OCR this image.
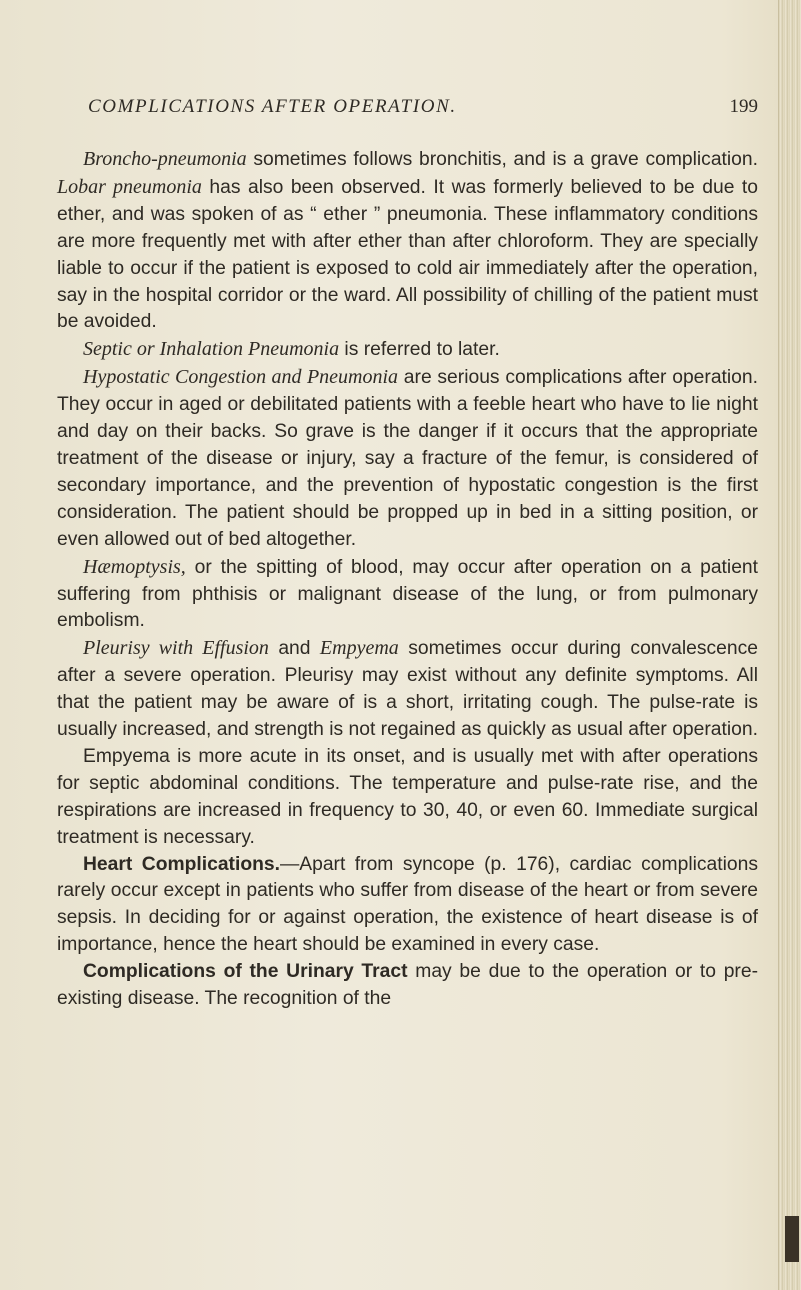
COMPLICATIONS AFTER OPERATION.	199

Broncho-pneumonia sometimes follows bronchitis, and is a grave complication. Lobar pneumonia has also been observed. It was formerly believed to be due to ether, and was spoken of as “ ether ” pneumonia. These inflammatory conditions are more frequently met with after ether than after chloroform. They are specially liable to occur if the patient is exposed to cold air immediately after the operation, say in the hospital corridor or the ward. All possibility of chilling of the patient must be avoided.

Septic or Inhalation Pneumonia is referred to later.

Hypostatic Congestion and Pneumonia are serious complications after operation. They occur in aged or debilitated patients with a feeble heart who have to lie night and day on their backs. So grave is the danger if it occurs that the appropriate treatment of the disease or injury, say a fracture of the femur, is considered of secondary importance, and the prevention of hypostatic congestion is the first consideration. The patient should be propped up in bed in a sitting position, or even allowed out of bed altogether.

Hæmoptysis, or the spitting of blood, may occur after operation on a patient suffering from phthisis or malignant disease of the lung, or from pulmonary embolism.

Pleurisy with Effusion and Empyema sometimes occur during convalescence after a severe operation. Pleurisy may exist without any definite symptoms. All that the patient may be aware of is a short, irritating cough. The pulse-rate is usually increased, and strength is not regained as quickly as usual after operation.

Empyema is more acute in its onset, and is usually met with after operations for septic abdominal conditions. The temperature and pulse-rate rise, and the respirations are increased in frequency to 30, 40, or even 60. Immediate surgical treatment is necessary.

Heart Complications.—Apart from syncope (p. 176), cardiac complications rarely occur except in patients who suffer from disease of the heart or from severe sepsis. In deciding for or against operation, the existence of heart disease is of importance, hence the heart should be examined in every case.

Complications of the Urinary Tract may be due to the operation or to pre-existing disease. The recognition of the
